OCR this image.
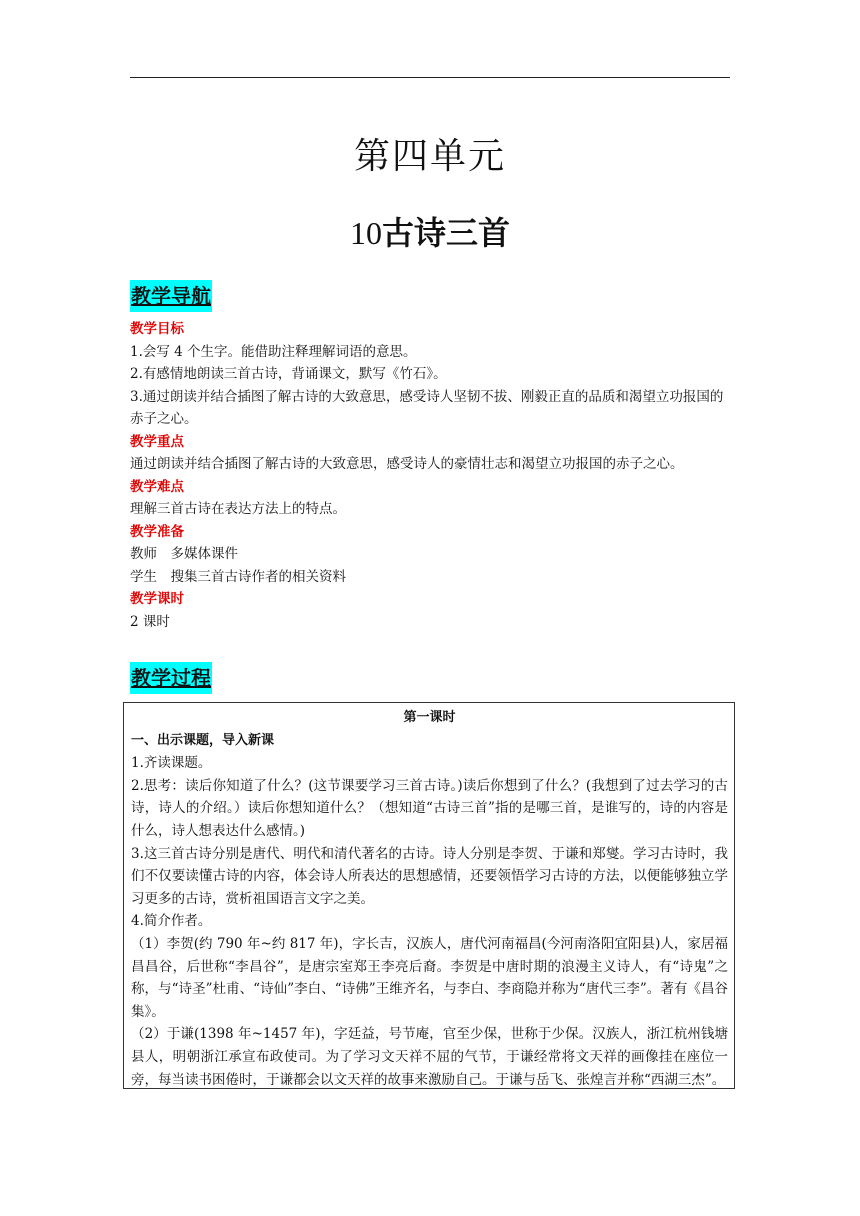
第四单元
10古诗三首
教学导航
教学目标
1.会写 4 个生字。能借助注释理解词语的意思。
2.有感情地朗读三首古诗，背诵课文，默写《竹石》。
3.通过朗读并结合插图了解古诗的大致意思，感受诗人坚韧不拔、刚毅正直的品质和渴望立功报国的赤子之心。
教学重点
通过朗读并结合插图了解古诗的大致意思，感受诗人的豪情壮志和渴望立功报国的赤子之心。
教学难点
理解三首古诗在表达方法上的特点。
教学准备
教师　多媒体课件
学生　搜集三首古诗作者的相关资料
教学课时
2 课时
教学过程
第一课时
一、出示课题，导入新课

1.齐读课题。

2.思考：读后你知道了什么？(这节课要学习三首古诗。)读后你想到了什么？(我想到了过去学习的古诗，诗人的介绍。）读后你想知道什么？（想知道“古诗三首”指的是哪三首，是谁写的，诗的内容是什么，诗人想表达什么感情。)

3.这三首古诗分别是唐代、明代和清代著名的古诗。诗人分别是李贺、于谦和郑燮。学习古诗时，我们不仅要读懂古诗的内容，体会诗人所表达的思想感情，还要领悟学习古诗的方法，以便能够独立学习更多的古诗，赏析祖国语言文字之美。

4.简介作者。

（1）李贺(约 790 年~约 817 年)，字长吉，汉族人，唐代河南福昌(今河南洛阳宜阳县)人，家居福昌昌谷，后世称“李昌谷”，是唐宗室郑王李亮后裔。李贺是中唐时期的浪漫主义诗人，有“诗鬼”之称，与“诗圣”杜甫、“诗仙”李白、“诗佛”王维齐名，与李白、李商隐并称为“唐代三李”。著有《昌谷集》。

（2）于谦(1398 年~1457 年)，字廷益，号节庵，官至少保，世称于少保。汉族人，浙江杭州钱塘县人，明朝浙江承宣布政使司。为了学习文天祥不屈的气节，于谦经常将文天祥的画像挂在座位一旁，每当读书困倦时，于谦都会以文天祥的故事来激励自己。于谦与岳飞、张煌言并称“西湖三杰”。
